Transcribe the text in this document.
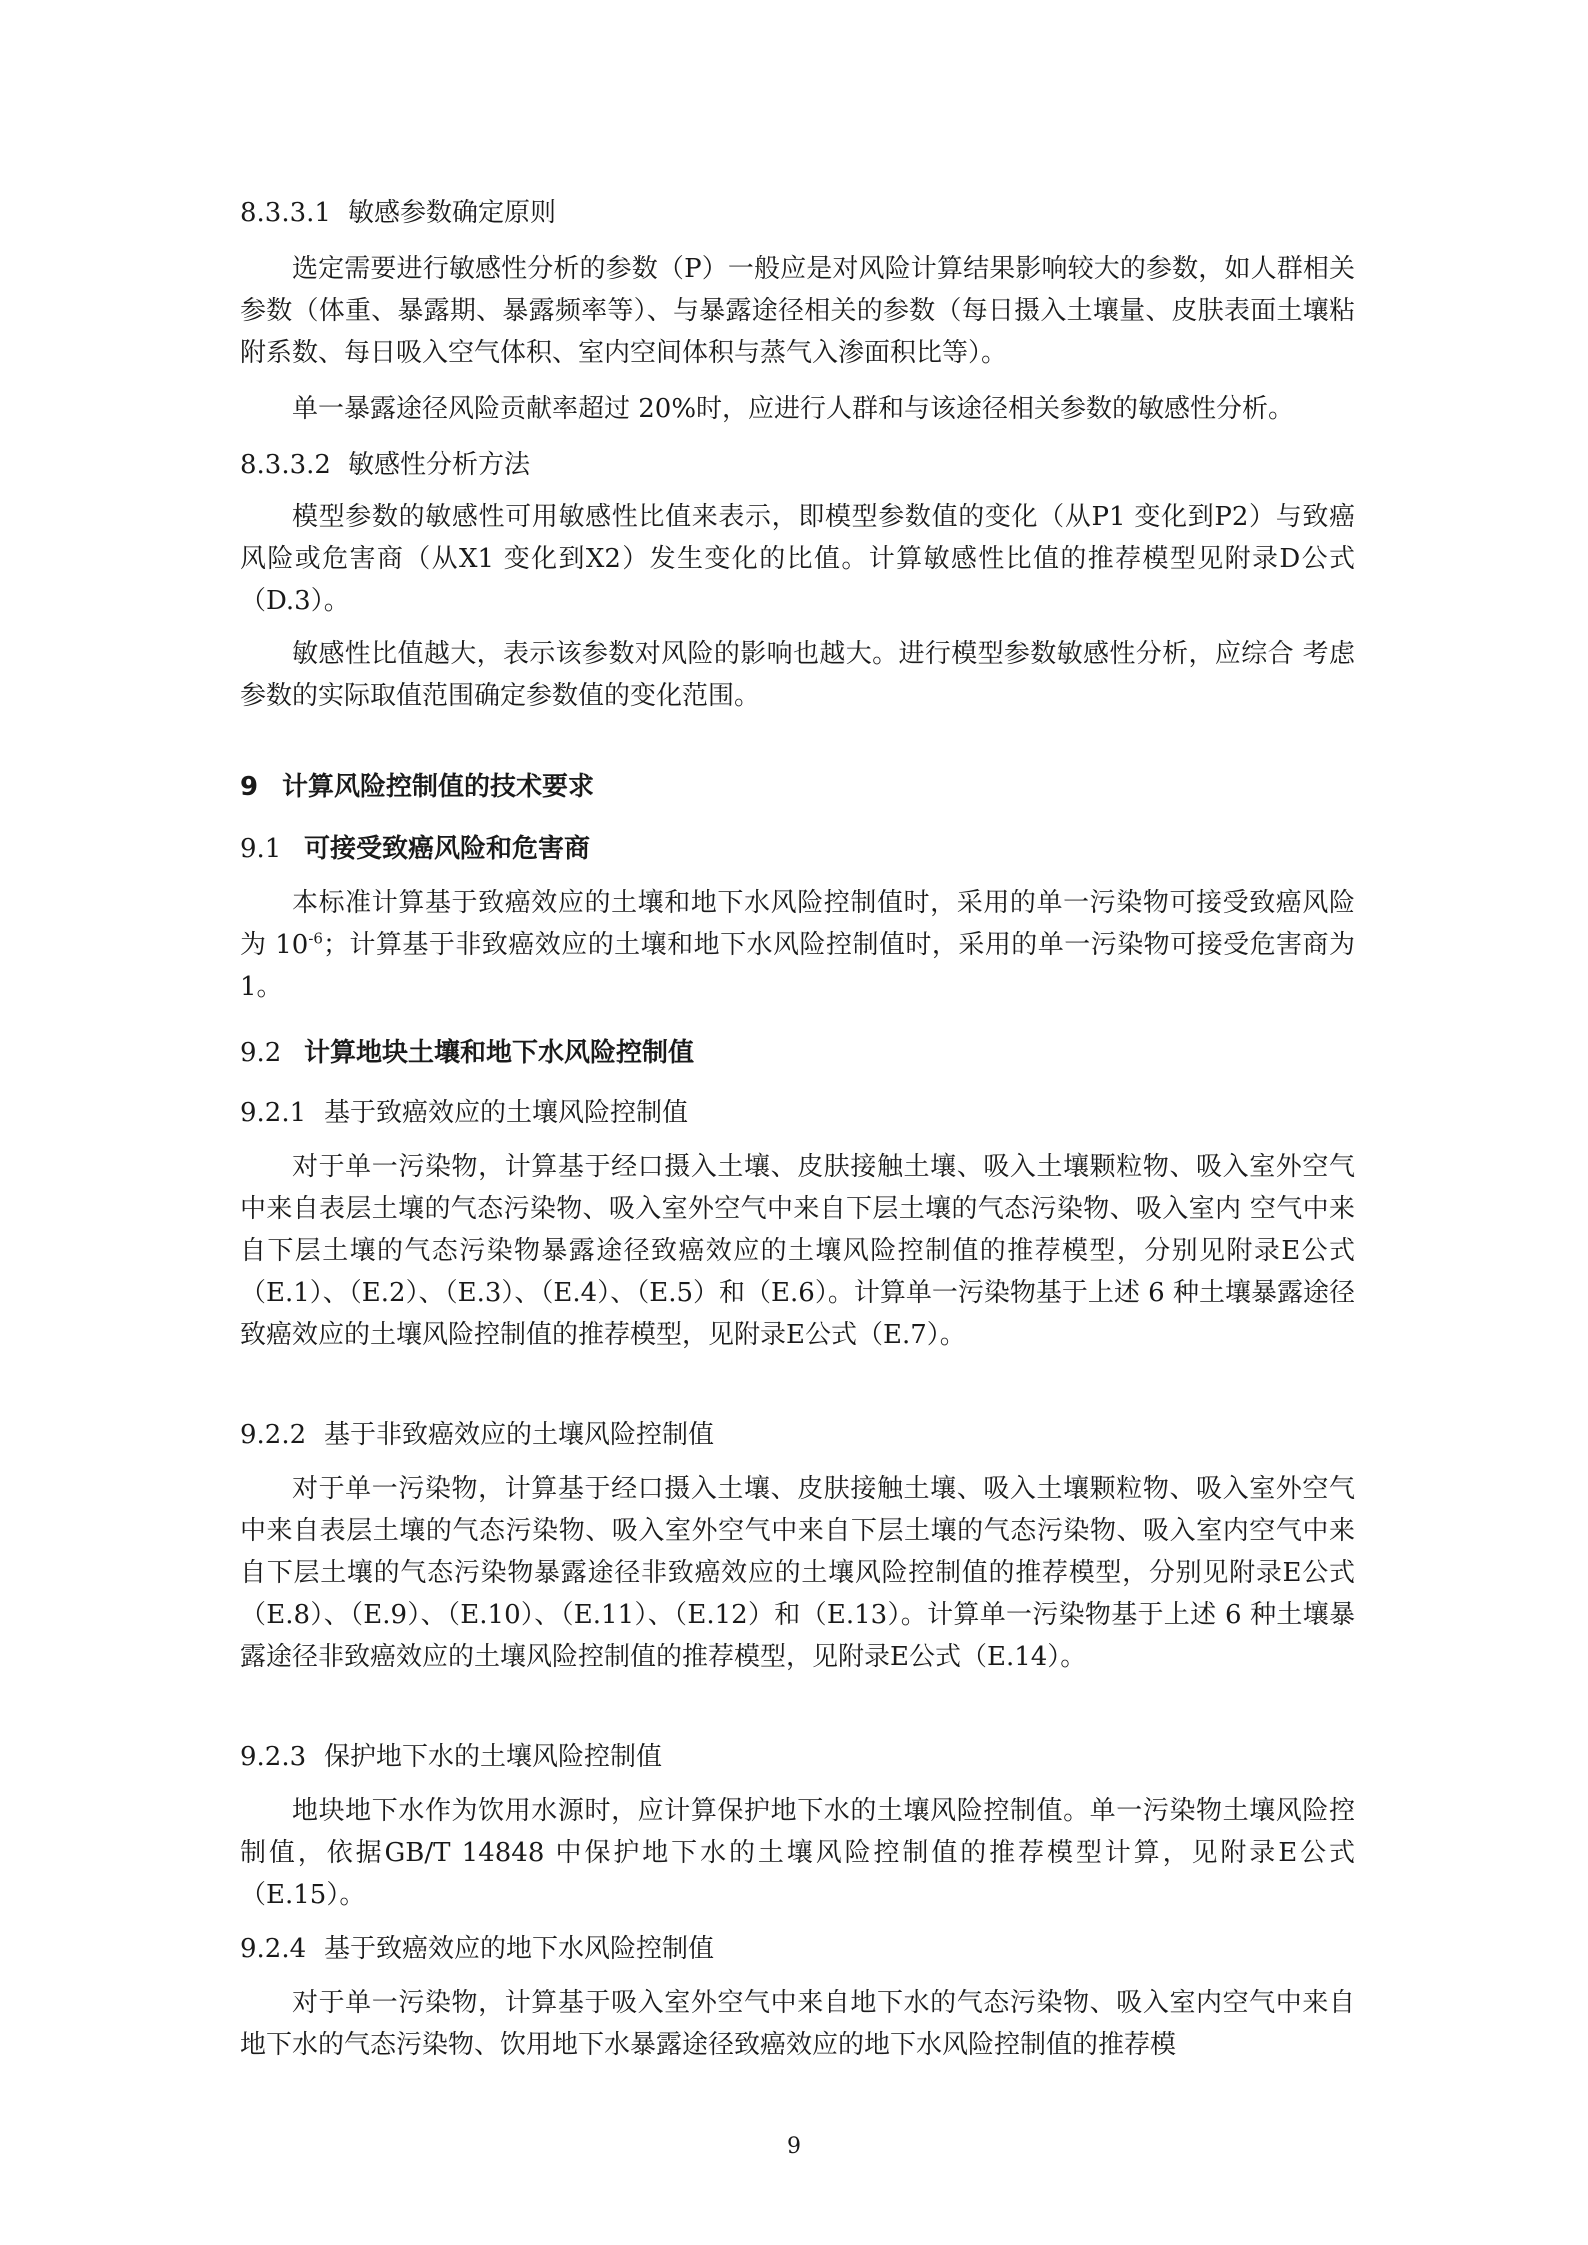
8.3.3.1 敏感参数确定原则

选定需要进行敏感性分析的参数（P）一般应是对风险计算结果影响较大的参数，如人群相关参数（体重、暴露期、暴露频率等）、与暴露途径相关的参数（每日摄入土壤量、皮肤表面土壤粘附系数、每日吸入空气体积、室内空间体积与蒸气入渗面积比等）。

单一暴露途径风险贡献率超过 20%时，应进行人群和与该途径相关参数的敏感性分析。

8.3.3.2 敏感性分析方法

模型参数的敏感性可用敏感性比值来表示，即模型参数值的变化（从P1 变化到P2）与致癌风险或危害商（从X1 变化到X2）发生变化的比值。计算敏感性比值的推荐模型见附录D公式（D.3）。

敏感性比值越大，表示该参数对风险的影响也越大。进行模型参数敏感性分析，应综合 考虑参数的实际取值范围确定参数值的变化范围。

9 计算风险控制值的技术要求
9.1 可接受致癌风险和危害商

本标准计算基于致癌效应的土壤和地下水风险控制值时，采用的单一污染物可接受致癌风险为 $10^{-6}$；计算基于非致癌效应的土壤和地下水风险控制值时，采用的单一污染物可接受危害商为 1。

9.2 计算地块土壤和地下水风险控制值
9.2.1 基于致癌效应的土壤风险控制值

对于单一污染物，计算基于经口摄入土壤、皮肤接触土壤、吸入土壤颗粒物、吸入室外空气中来自表层土壤的气态污染物、吸入室外空气中来自下层土壤的气态污染物、吸入室内 空气中来自下层土壤的气态污染物暴露途径致癌效应的土壤风险控制值的推荐模型，分别见附录E公式（E.1）、（E.2）、（E.3）、（E.4）、（E.5）和（E.6）。计算单一污染物基于上述 6 种土壤暴露途径致癌效应的土壤风险控制值的推荐模型，见附录E公式（E.7）。

9.2.2 基于非致癌效应的土壤风险控制值

对于单一污染物，计算基于经口摄入土壤、皮肤接触土壤、吸入土壤颗粒物、吸入室外空气中来自表层土壤的气态污染物、吸入室外空气中来自下层土壤的气态污染物、吸入室内空气中来自下层土壤的气态污染物暴露途径非致癌效应的土壤风险控制值的推荐模型，分别见附录E公式（E.8）、（E.9）、（E.10）、（E.11）、（E.12）和（E.13）。计算单一污染物基于上述 6 种土壤暴露途径非致癌效应的土壤风险控制值的推荐模型，见附录E公式（E.14）。

9.2.3 保护地下水的土壤风险控制值

地块地下水作为饮用水源时，应计算保护地下水的土壤风险控制值。单一污染物土壤风险控制值，依据GB/T 14848 中保护地下水的土壤风险控制值的推荐模型计算，见附录E公式（E.15）。

9.2.4 基于致癌效应的地下水风险控制值

对于单一污染物，计算基于吸入室外空气中来自地下水的气态污染物、吸入室内空气中来自地下水的气态污染物、饮用地下水暴露途径致癌效应的地下水风险控制值的推荐模

9
